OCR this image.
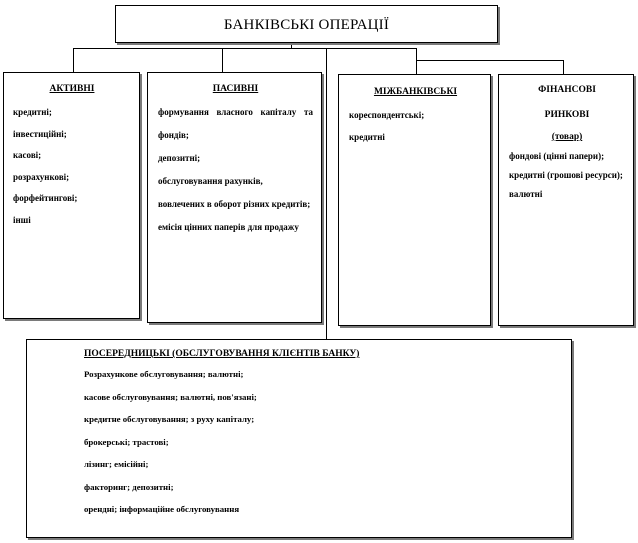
БАНКІВСЬКІ ОПЕРАЦІЇ

АКТИВНІ

кредитні;
інвестиційні;
касові;
розрахункові;
форфейтингові;
інші

ПАСИВНІ

формування власного капіталу та фондів;
депозитні;
обслуговування рахунків,
вовлечених в оборот різних кредитів;
емісія цінних паперів для продажу

МІЖБАНКІВСЬКІ

кореспондентські;
кредитні

ФІНАНСОВІ

РИНКОВІ

(товар)

фондові (цінні папери);
кредитні (грошові ресурси);
валютні

ПОСЕРЕДНИЦЬКІ (ОБСЛУГОВУВАННЯ КЛІЄНТІВ БАНКУ)

Розрахункове обслуговування; валютні;
касове обслуговування; валютні, пов'язані;
кредитне обслуговування; з руху капіталу;
брокерські; трастові;
лізинг; емісійні;
факторинг; депозитні;
орендні; інформаційне обслуговування
